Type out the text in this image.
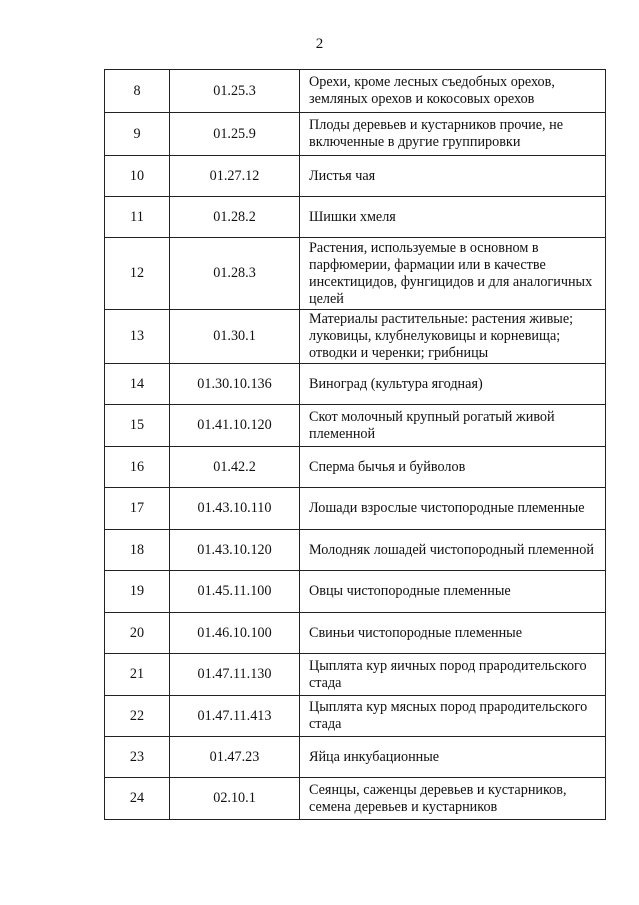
2
8	01.25.3	Орехи, кроме лесных съедобных орехов, земляных орехов и кокосовых орехов
9	01.25.9	Плоды деревьев и кустарников прочие, не включенные в другие группировки
10	01.27.12	Листья чая
11	01.28.2	Шишки хмеля
12	01.28.3	Растения, используемые в основном в парфюмерии, фармации или в качестве инсектицидов, фунгицидов и для аналогичных целей
13	01.30.1	Материалы растительные: растения живые; луковицы, клубнелуковицы и корневища; отводки и черенки; грибницы
14	01.30.10.136	Виноград (культура ягодная)
15	01.41.10.120	Скот молочный крупный рогатый живой племенной
16	01.42.2	Сперма бычья и буйволов
17	01.43.10.110	Лошади взрослые чистопородные племенные
18	01.43.10.120	Молодняк лошадей чистопородный племенной
19	01.45.11.100	Овцы чистопородные племенные
20	01.46.10.100	Свиньи чистопородные племенные
21	01.47.11.130	Цыплята кур яичных пород прародительского стада
22	01.47.11.413	Цыплята кур мясных пород прародительского стада
23	01.47.23	Яйца инкубационные
24	02.10.1	Сеянцы, саженцы деревьев и кустарников, семена деревьев и кустарников
